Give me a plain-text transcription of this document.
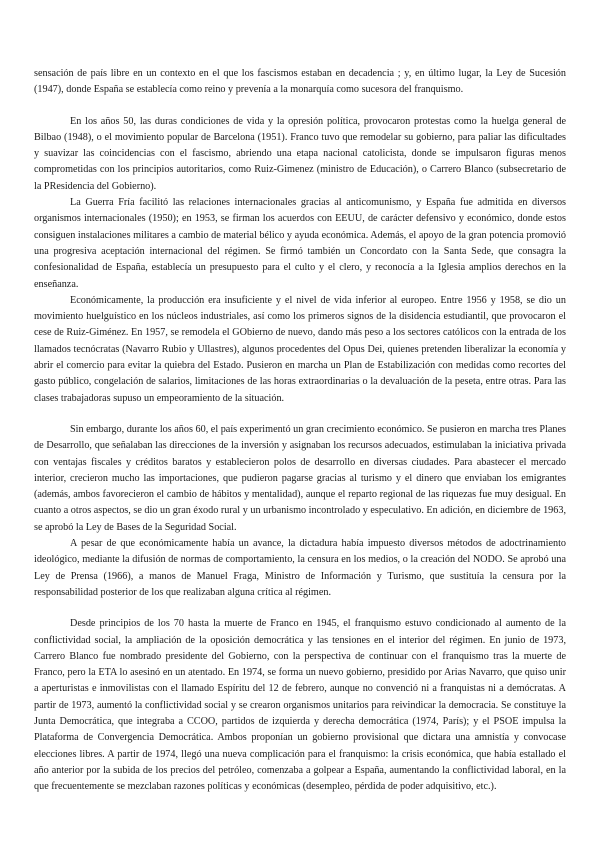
sensación de país libre en un contexto en el que los fascismos estaban en decadencia ; y, en último lugar, la Ley de Sucesión (1947), donde España se establecía como reino y prevenía a la monarquía como sucesora del franquismo.

En los años 50, las duras condiciones de vida y la opresión política, provocaron protestas como la huelga general de Bilbao (1948), o el movimiento popular de Barcelona (1951). Franco tuvo que remodelar su gobierno, para paliar las dificultades y suavizar las coincidencias con el fascismo, abriendo una etapa nacional catolicista, donde se impulsaron figuras menos comprometidas con los principios autoritarios, como Ruiz-Gimenez (ministro de Educación), o Carrero Blanco (subsecretario de la PResidencia del Gobierno).

La Guerra Fría facilitó las relaciones internacionales gracias al anticomunismo, y España fue admitida en diversos organismos internacionales (1950); en 1953, se firman los acuerdos con EEUU, de carácter defensivo y económico, donde estos consiguen instalaciones militares a cambio de material bélico y ayuda económica. Además, el apoyo de la gran potencia promovió una progresiva aceptación internacional del régimen. Se firmó también un Concordato con la Santa Sede, que consagra la confesionalidad de España, establecía un presupuesto para el culto y el clero, y reconocía a la Iglesia amplios derechos en la enseñanza.

Económicamente, la producción era insuficiente y el nivel de vida inferior al europeo. Entre 1956 y 1958, se dio un movimiento huelguístico en los núcleos industriales, así como los primeros signos de la disidencia estudiantil, que provocaron el cese de Ruiz-Giménez. En 1957, se remodela el GObierno de nuevo, dando más peso a los sectores católicos con la entrada de los llamados tecnócratas (Navarro Rubio y Ullastres), algunos procedentes del Opus Dei, quienes pretenden liberalizar la economía y abrir el comercio para evitar la quiebra del Estado. Pusieron en marcha un Plan de Estabilización con medidas como recortes del gasto público, congelación de salarios, limitaciones de las horas extraordinarias o la devaluación de la peseta, entre otras. Para las clases trabajadoras supuso un empeoramiento de la situación.

Sin embargo, durante los años 60, el país experimentó un gran crecimiento económico. Se pusieron en marcha tres Planes de Desarrollo, que señalaban las direcciones de la inversión y asignaban los recursos adecuados, estimulaban la iniciativa privada con ventajas fiscales y créditos baratos y establecieron polos de desarrollo en diversas ciudades. Para abastecer el mercado interior, crecieron mucho las importaciones, que pudieron pagarse gracias al turismo y el dinero que enviaban los emigrantes (además, ambos favorecieron el cambio de hábitos y mentalidad), aunque el reparto regional de las riquezas fue muy desigual. En cuanto a otros aspectos, se dio un gran éxodo rural y un urbanismo incontrolado y especulativo. En adición, en diciembre de 1963, se aprobó la Ley de Bases de la Seguridad Social.

A pesar de que económicamente había un avance, la dictadura había impuesto diversos métodos de adoctrinamiento ideológico, mediante la difusión de normas de comportamiento, la censura en los medios, o la creación del NODO. Se aprobó una Ley de Prensa (1966), a manos de Manuel Fraga, Ministro de Información y Turismo, que sustituía la censura por la responsabilidad posterior de los que realizaban alguna crítica al régimen.

Desde principios de los 70 hasta la muerte de Franco en 1945, el franquismo estuvo condicionado al aumento de la conflictividad social, la ampliación de la oposición democrática y las tensiones en el interior del régimen. En junio de 1973, Carrero Blanco fue nombrado presidente del Gobierno, con la perspectiva de continuar con el franquismo tras la muerte de Franco, pero la ETA lo asesinó en un atentado. En 1974, se forma un nuevo gobierno, presidido por Arias Navarro, que quiso unir a aperturistas e inmovilistas con el llamado Espíritu del 12 de febrero, aunque no convenció ni a franquistas ni a demócratas. A partir de 1973, aumentó la conflictividad social y se crearon organismos unitarios para reivindicar la democracia. Se constituye la Junta Democrática, que integraba a CCOO, partidos de izquierda y derecha democrática (1974, París); y el PSOE impulsa la Plataforma de Convergencia Democrática. Ambos proponían un gobierno provisional que dictara una amnistía y convocase elecciones libres. A partir de 1974, llegó una nueva complicación para el franquismo: la crisis económica, que había estallado el año anterior por la subida de los precios del petróleo, comenzaba a golpear a España, aumentando la conflictividad laboral, en la que frecuentemente se mezclaban razones políticas y económicas (desempleo, pérdida de poder adquisitivo, etc.).
